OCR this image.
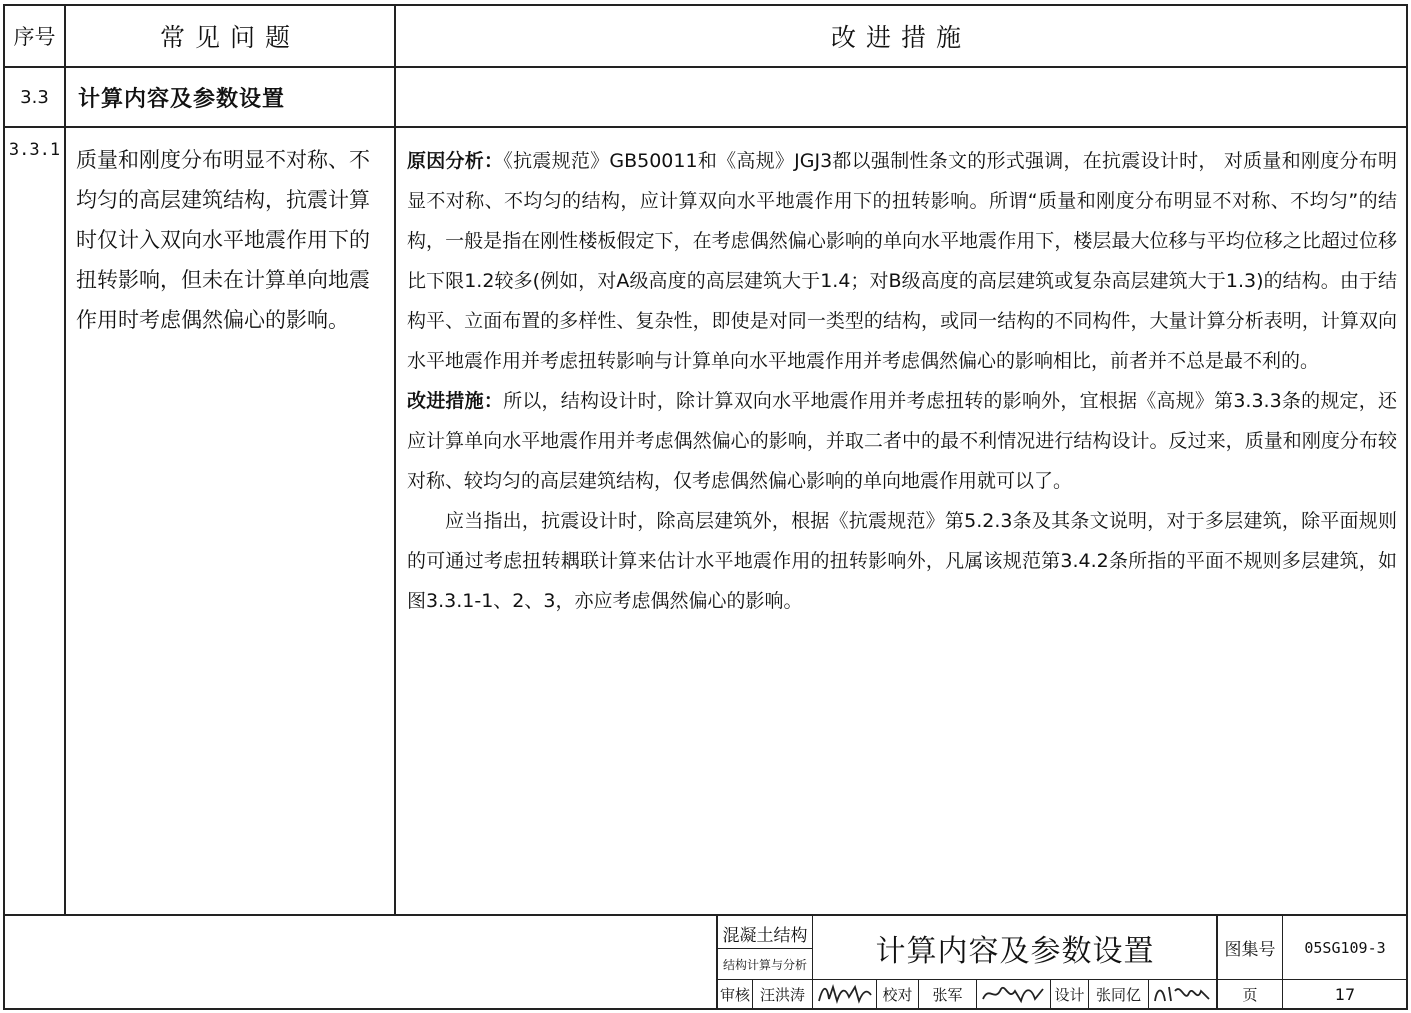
序号	常见问题	改进措施
3.3 计算内容及参数设置
3.3.1 质量和刚度分布明显不对称、不均匀的高层建筑结构，抗震计算时仅计入双向水平地震作用下的扭转影响，但未在计算单向地震作用时考虑偶然偏心的影响。

原因分析：《抗震规范》GB50011和《高规》JGJ3都以强制性条文的形式强调，在抗震设计时， 对质量和刚度分布明显不对称、不均匀的结构，应计算双向水平地震作用下的扭转影响。所谓“质量和刚度分布明显不对称、不均匀”的结构，一般是指在刚性楼板假定下，在考虑偶然偏心影响的单向水平地震作用下，楼层最大位移与平均位移之比超过位移比下限1.2较多(例如，对A级高度的高层建筑大于1.4；对B级高度的高层建筑或复杂高层建筑大于1.3)的结构。由于结构平、立面布置的多样性、复杂性，即使是对同一类型的结构，或同一结构的不同构件，大量计算分析表明，计算双向水平地震作用并考虑扭转影响与计算单向水平地震作用并考虑偶然偏心的影响相比，前者并不总是最不利的。

改进措施：所以，结构设计时，除计算双向水平地震作用并考虑扭转的影响外，宜根据《高规》第3.3.3条的规定，还应计算单向水平地震作用并考虑偶然偏心的影响，并取二者中的最不利情况进行结构设计。反过来，质量和刚度分布较对称、较均匀的高层建筑结构，仅考虑偶然偏心影响的单向地震作用就可以了。

应当指出，抗震设计时，除高层建筑外，根据《抗震规范》第5.2.3条及其条文说明，对于多层建筑，除平面规则的可通过考虑扭转耦联计算来估计水平地震作用的扭转影响外，凡属该规范第3.4.2条所指的平面不规则多层建筑，如图3.3.1-1、2、3，亦应考虑偶然偏心的影响。

混凝土结构
结构计算与分析 计算内容及参数设置	图集号 05SG109-3
审核 汪洪涛	校对 张军	设计 张同亿	页	17
